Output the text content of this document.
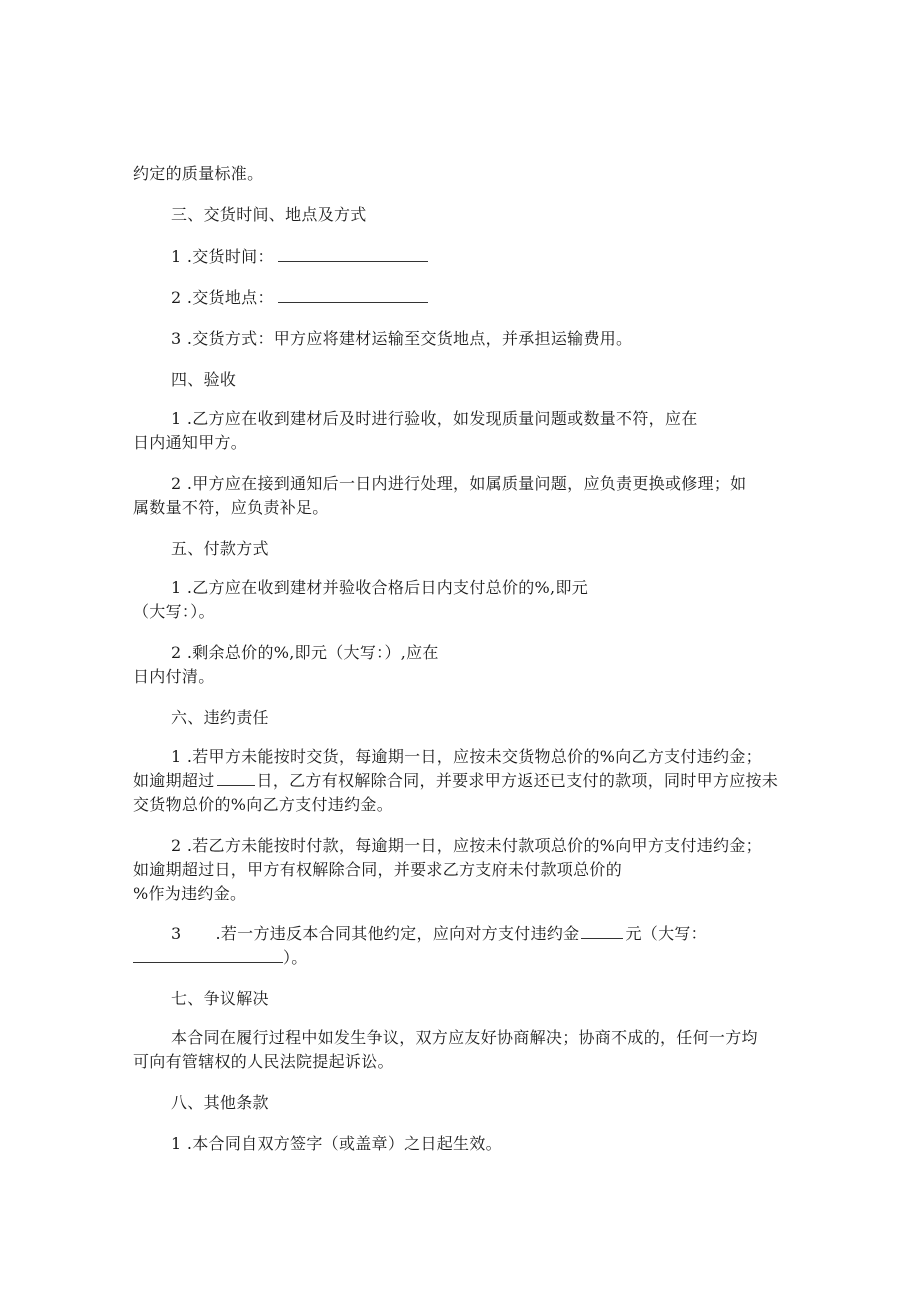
约定的质量标准。
三、交货时间、地点及方式
1 .交货时间：
2 .交货地点：
3 .交货方式：甲方应将建材运输至交货地点，并承担运输费用。
四、验收
1 .乙方应在收到建材后及时进行验收，如发现质量问题或数量不符，应在
日内通知甲方。
2 .甲方应在接到通知后一日内进行处理，如属质量问题，应负责更换或修理；如
属数量不符，应负责补足。
五、付款方式
1 .乙方应在收到建材并验收合格后日内支付总价的%,即元
（大写：）。
2 .剩余总价的%,即元（大写：）,应在
日内付清。
六、违约责任
1 .若甲方未能按时交货，每逾期一日，应按未交货物总价的%向乙方支付违约金；
如逾期超过	日，乙方有权解除合同，并要求甲方返还已支付的款项，同时甲方应按未
交货物总价的%向乙方支付违约金。
2 .若乙方未能按时付款，每逾期一日，应按未付款项总价的%向甲方支付违约金；
如逾期超过日，甲方有权解除合同，并要求乙方支府未付款项总价的
%作为违约金。
3 .若一方违反本合同其他约定，应向对方支付违约金	元（大写：
）。
七、争议解决
本合同在履行过程中如发生争议，双方应友好协商解决；协商不成的，任何一方均
可向有管辖权的人民法院提起诉讼。
八、其他条款
1 .本合同自双方签字（或盖章）之日起生效。
